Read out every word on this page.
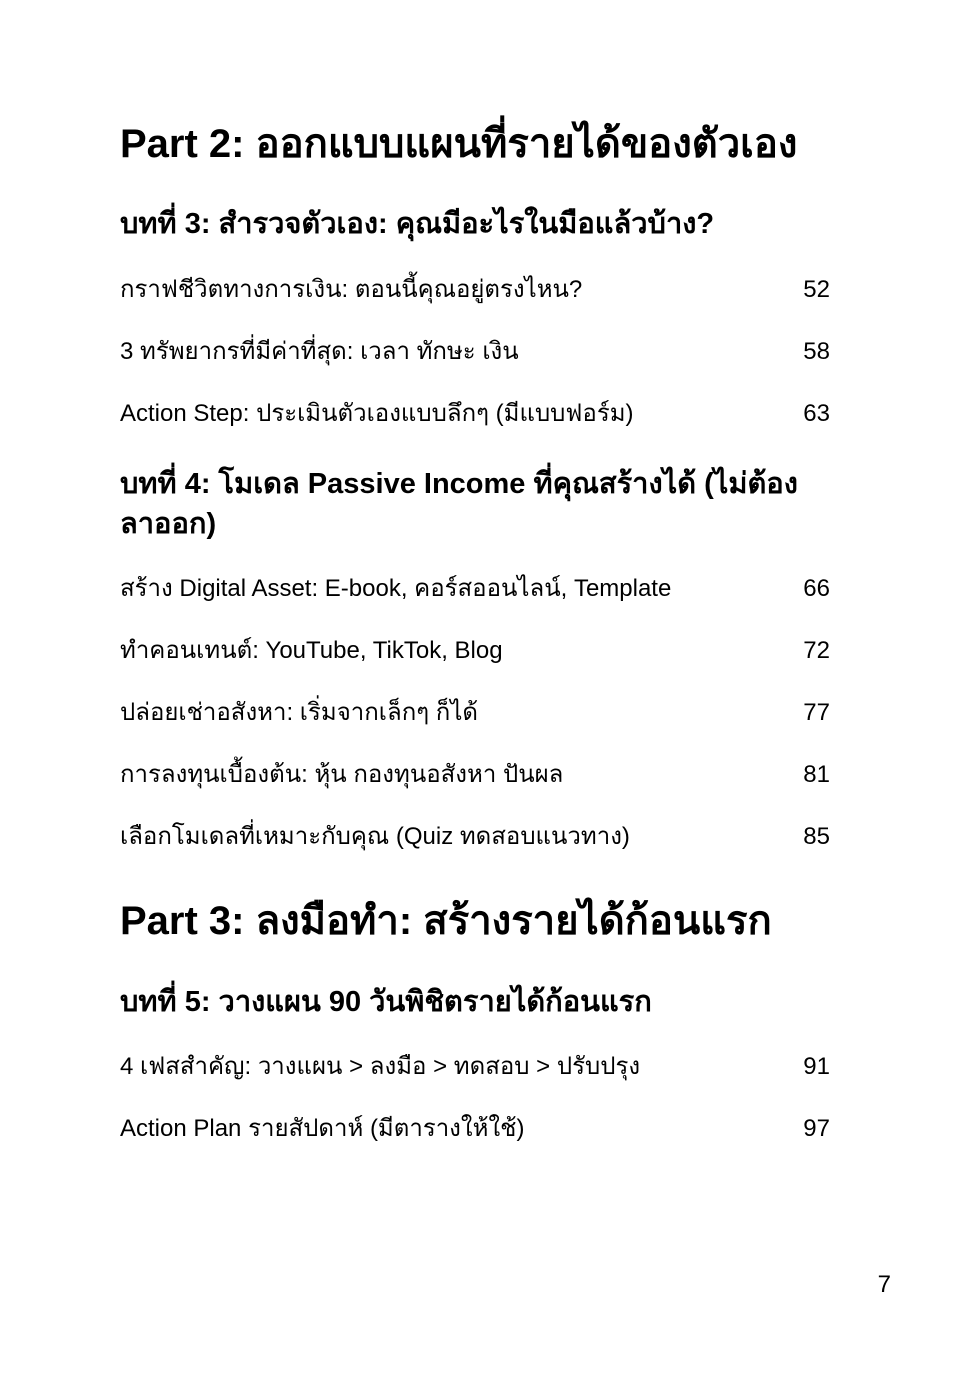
Part 2: ออกแบบแผนที่รายได้ของตัวเอง
บทที่ 3: สำรวจตัวเอง: คุณมีอะไรในมือแล้วบ้าง?
กราฟชีวิตทางการเงิน: ตอนนี้คุณอยู่ตรงไหน?	52
3 ทรัพยากรที่มีค่าที่สุด: เวลา ทักษะ เงิน	58
Action Step: ประเมินตัวเองแบบลึกๆ (มีแบบฟอร์ม)	63
บทที่ 4: โมเดล Passive Income ที่คุณสร้างได้ (ไม่ต้องลาออก)
สร้าง Digital Asset: E-book, คอร์สออนไลน์, Template	66
ทำคอนเทนต์: YouTube, TikTok, Blog	72
ปล่อยเช่าอสังหา: เริ่มจากเล็กๆ ก็ได้	77
การลงทุนเบื้องต้น: หุ้น กองทุนอสังหา ปันผล	81
เลือกโมเดลที่เหมาะกับคุณ (Quiz ทดสอบแนวทาง)	85
Part 3: ลงมือทำ: สร้างรายได้ก้อนแรก
บทที่ 5: วางแผน 90 วันพิชิตรายได้ก้อนแรก
4 เฟสสำคัญ: วางแผน > ลงมือ > ทดสอบ > ปรับปรุง	91
Action Plan รายสัปดาห์ (มีตารางให้ใช้)	97
7
